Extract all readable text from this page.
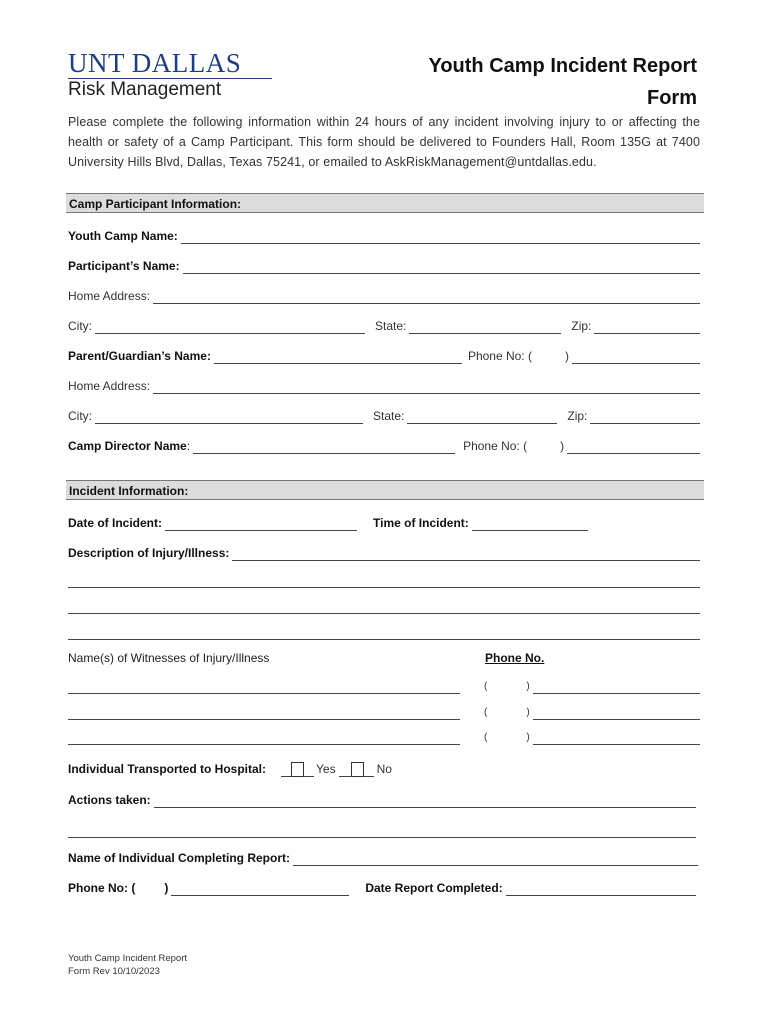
UNT DALLAS
Risk Management
Youth Camp Incident Report
Form
Please complete the following information within 24 hours of any incident involving injury to or affecting the health or safety of a Camp Participant. This form should be delivered to Founders Hall, Room 135G at 7400 University Hills Blvd, Dallas, Texas 75241, or emailed to AskRiskManagement@untdallas.edu.
Camp Participant Information:
Youth Camp Name:
Participant’s Name:
Home Address:
City:	State:	Zip:
Parent/Guardian’s Name:	Phone No: (	)
Home Address:
City:	State:	Zip:
Camp Director Name :	Phone No: (	)
Incident Information:
Date of Incident:	Time of Incident:
Description of Injury/Illness:
Name(s) of Witnesses of Injury/Illness	Phone No.
(	)
(	)
(	)
Individual Transported to Hospital:	Yes	No
Actions taken:
Name of Individual Completing Report:
Phone No: ( )	Date Report Completed:
Youth Camp Incident Report
Form Rev 10/10/2023
